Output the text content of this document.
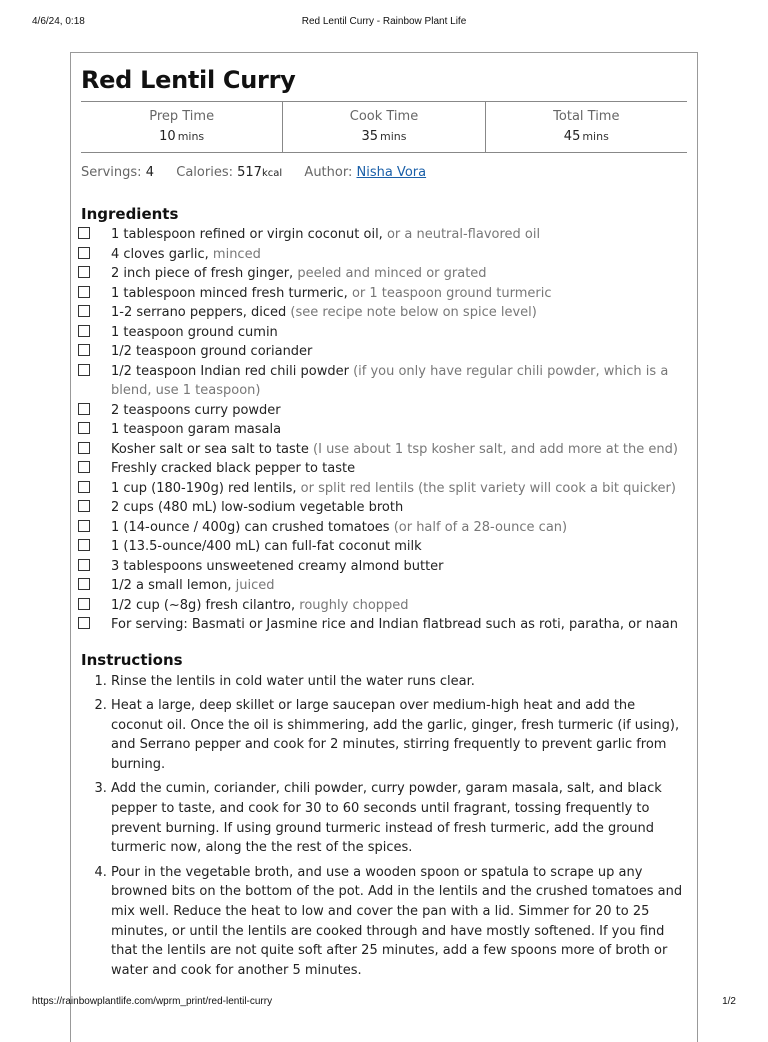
4/6/24, 0:18	Red Lentil Curry - Rainbow Plant Life
Red Lentil Curry
Prep Time
10 mins
Cook Time
35 mins
Total Time
45 mins
Servings: 4 Calories: 517kcal Author: Nisha Vora
Ingredients
1 tablespoon refined or virgin coconut oil, or a neutral-flavored oil
4 cloves garlic, minced
2 inch piece of fresh ginger, peeled and minced or grated
1 tablespoon minced fresh turmeric, or 1 teaspoon ground turmeric
1-2 serrano peppers, diced (see recipe note below on spice level)
1 teaspoon ground cumin
1/2 teaspoon ground coriander
1/2 teaspoon Indian red chili powder (if you only have regular chili powder, which is a blend, use 1 teaspoon)
2 teaspoons curry powder
1 teaspoon garam masala
Kosher salt or sea salt to taste (I use about 1 tsp kosher salt, and add more at the end)
Freshly cracked black pepper to taste
1 cup (180-190g) red lentils, or split red lentils (the split variety will cook a bit quicker)
2 cups (480 mL) low-sodium vegetable broth
1 (14-ounce / 400g) can crushed tomatoes (or half of a 28-ounce can)
1 (13.5-ounce/400 mL) can full-fat coconut milk
3 tablespoons unsweetened creamy almond butter
1/2 a small lemon, juiced
1/2 cup (~8g) fresh cilantro, roughly chopped
For serving: Basmati or Jasmine rice and Indian flatbread such as roti, paratha, or naan
Instructions
1. Rinse the lentils in cold water until the water runs clear.
2. Heat a large, deep skillet or large saucepan over medium-high heat and add the coconut oil. Once the oil is shimmering, add the garlic, ginger, fresh turmeric (if using), and Serrano pepper and cook for 2 minutes, stirring frequently to prevent garlic from burning.
3. Add the cumin, coriander, chili powder, curry powder, garam masala, salt, and black pepper to taste, and cook for 30 to 60 seconds until fragrant, tossing frequently to prevent burning. If using ground turmeric instead of fresh turmeric, add the ground turmeric now, along the the rest of the spices.
4. Pour in the vegetable broth, and use a wooden spoon or spatula to scrape up any browned bits on the bottom of the pot. Add in the lentils and the crushed tomatoes and mix well. Reduce the heat to low and cover the pan with a lid. Simmer for 20 to 25 minutes, or until the lentils are cooked through and have mostly softened. If you find that the lentils are not quite soft after 25 minutes, add a few spoons more of broth or water and cook for another 5 minutes.
https://rainbowplantlife.com/wprm_print/red-lentil-curry	1/2
